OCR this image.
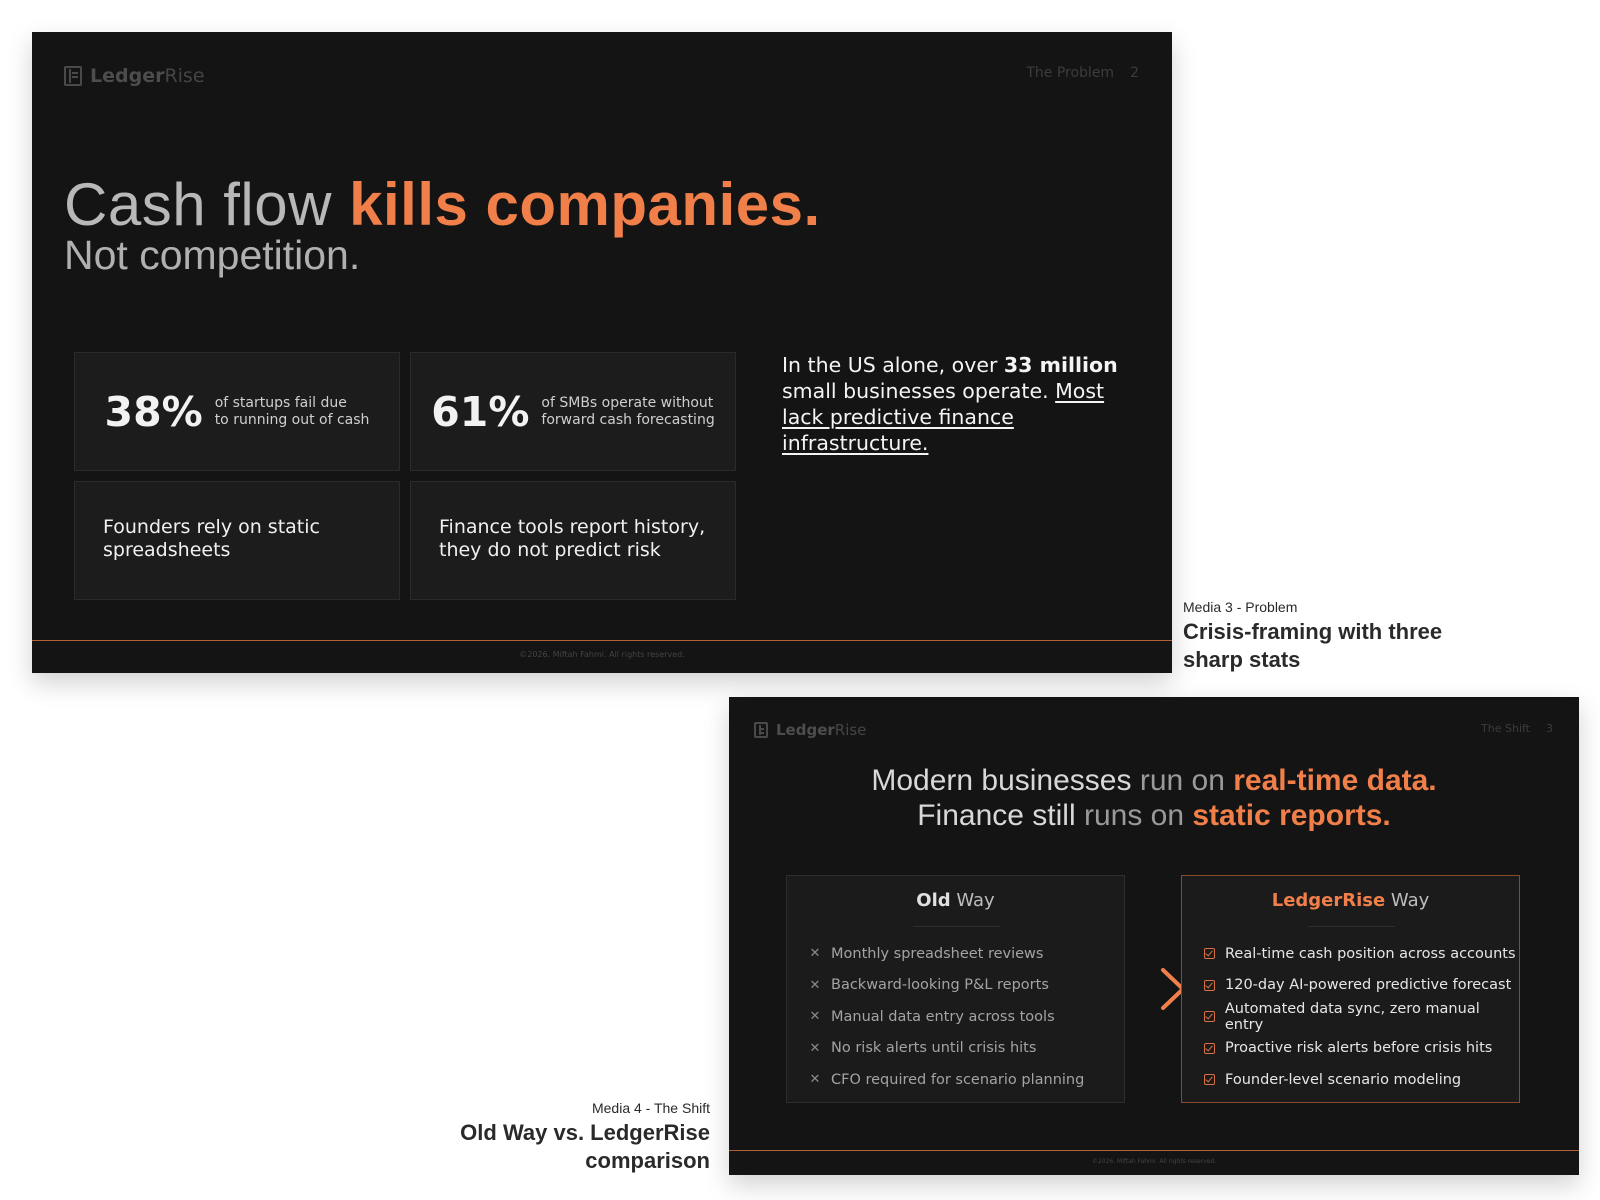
LedgerRise	The Problem 2
Cash flow kills companies.
Not competition.
38% of startups fail due
to running out of cash 61% of SMBs operate without
forward cash forecasting
Founders rely on static
spreadsheets
Finance tools report history,
they do not predict risk
In the US alone, over 33 million small businesses operate. Most lack predictive finance infrastructure.
©2026. Miftah Fahmi. All rights reserved.
Media 3 - Problem
Crisis-framing with three sharp stats
LedgerRise	The Shift 3
Modern businesses run on real-time data.
Finance still runs on static reports.
Old Way
✕ Monthly spreadsheet reviews
✕ Backward-looking P&L reports
✕ Manual data entry across tools
✕ No risk alerts until crisis hits
✕ CFO required for scenario planning
LedgerRise Way
Real-time cash position across accounts
120-day AI-powered predictive forecast
Automated data sync, zero manual entry
Proactive risk alerts before crisis hits
Founder-level scenario modeling
©2026. Miftah Fahmi. All rights reserved.
Media 4 - The Shift
Old Way vs. LedgerRise comparison
